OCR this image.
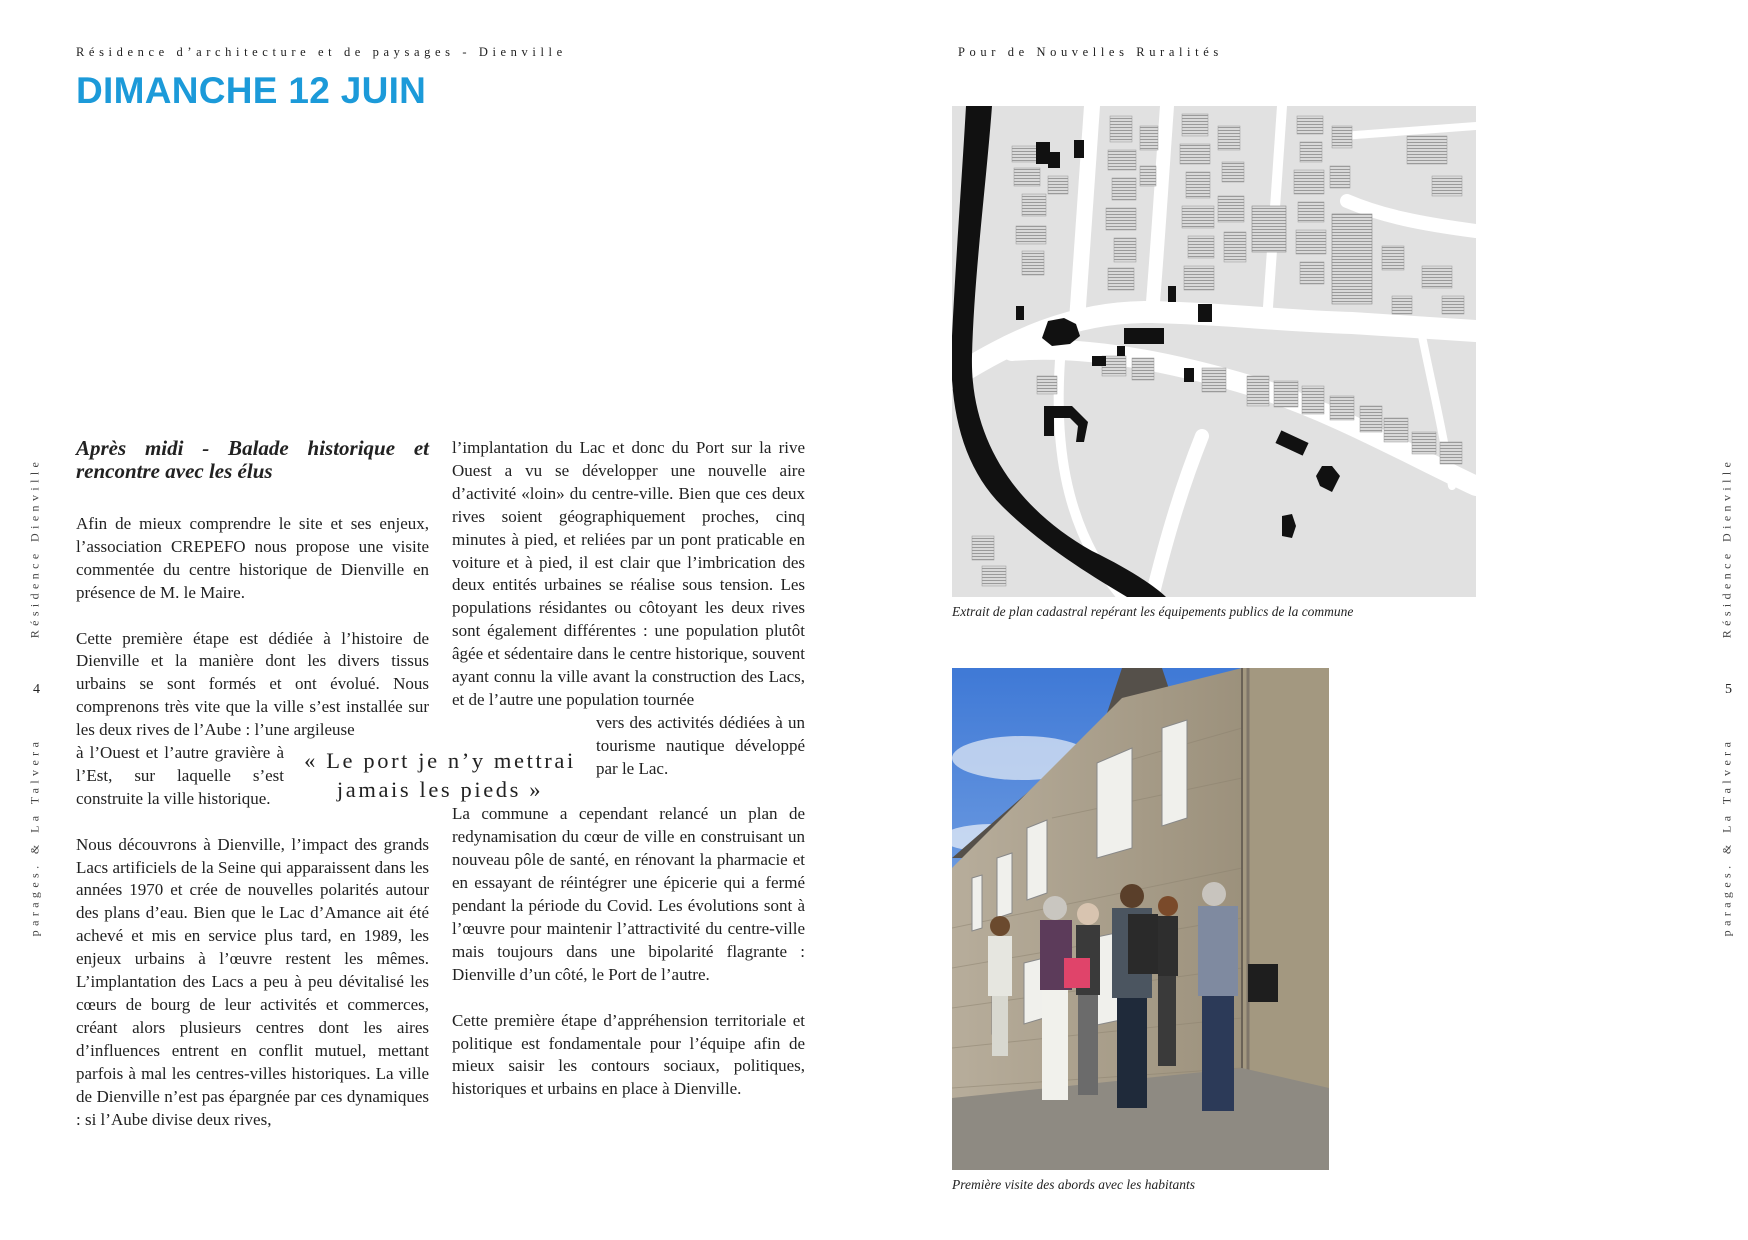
Résidence d’architecture et de paysages - Dienville	Pour de Nouvelles Ruralités
DIMANCHE 12 JUIN
Résidence Dienville
4
parages. & La Talvera
Résidence Dienville
5
parages. & La Talvera
Après midi - Balade historique et rencontre avec les élus

Afin de mieux comprendre le site et ses enjeux, l’association CREPEFO nous propose une visite commentée du centre historique de Dienville en présence de M. le Maire.

Cette première étape est dédiée à l’histoire de Dienville et la manière dont les divers tissus urbains se sont formés et ont évolué. Nous comprenons très vite que la ville s’est installée sur les deux rives de l’Aube : l’une argileuse

à l’Ouest et l’autre gravière à l’Est, sur laquelle s’est construite la ville historique.

Nous découvrons à Dienville, l’impact des grands Lacs artificiels de la Seine qui apparaissent dans les années 1970 et crée de nouvelles polarités autour des plans d’eau. Bien que le Lac d’Amance ait été achevé et mis en service plus tard, en 1989, les enjeux urbains à l’œuvre restent les mêmes. L’implantation des Lacs a peu à peu dévitalisé les cœurs de bourg de leur activités et commerces, créant alors plusieurs centres dont les aires d’influences entrent en conflit mutuel, mettant parfois à mal les centres-villes historiques. La ville de Dienville n’est pas épargnée par ces dynamiques : si l’Aube divise deux rives,

l’implantation du Lac et donc du Port sur la rive Ouest a vu se développer une nouvelle aire d’activité «loin» du centre-ville. Bien que ces deux rives soient géographiquement proches, cinq minutes à pied, et reliées par un pont praticable en voiture et à pied, il est clair que l’imbrication des deux entités urbaines se réalise sous tension. Les populations résidantes ou côtoyant les deux rives sont également différentes : une population plutôt âgée et sédentaire dans le centre historique, souvent ayant connu la ville avant la construction des Lacs, et de l’autre une population tournée

vers des activités dédiées à un tourisme nautique développé par le Lac.

La commune a cependant relancé un plan de redynamisation du cœur de ville en construisant un nouveau pôle de santé, en rénovant la pharmacie et en essayant de réintégrer une épicerie qui a fermé pendant la période du Covid. Les évolutions sont à l’œuvre pour maintenir l’attractivité du centre-ville mais toujours dans une bipolarité flagrante : Dienville d’un côté, le Port de l’autre.

Cette première étape d’appréhension territoriale et politique est fondamentale pour l’équipe afin de mieux saisir les contours sociaux, politiques, historiques et urbains en place à Dienville.

« Le port je n’y mettrai
jamais les pieds »
Extrait de plan cadastral repérant les équipements publics de la commune
Première visite des abords avec les habitants
